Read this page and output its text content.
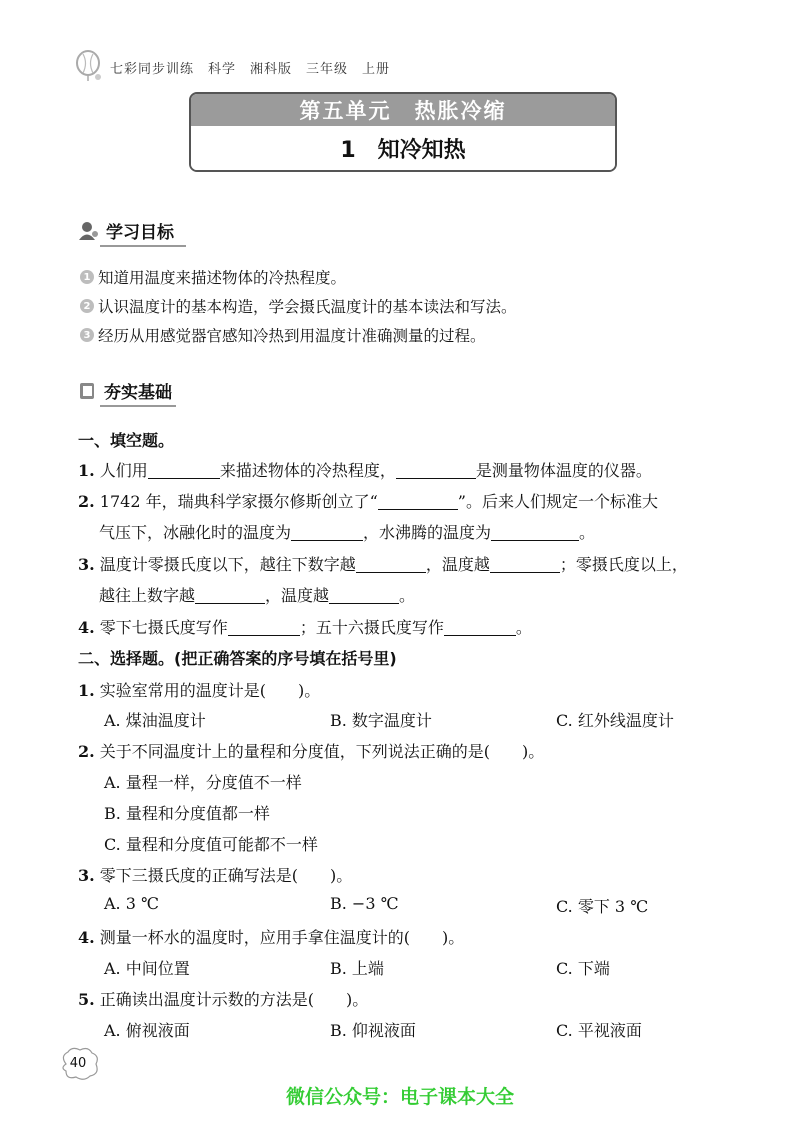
七彩同步训练　科学　湘科版　三年级　上册
第五单元　热胀冷缩
1　知冷知热
学习目标
1 知道用温度来描述物体的冷热程度。
2 认识温度计的基本构造，学会摄氏温度计的基本读法和写法。
3 经历从用感觉器官感知冷热到用温度计准确测量的过程。
夯实基础
一、填空题。
1. 人们用	来描述物体的冷热程度，	是测量物体温度的仪器。
2. 1742 年，瑞典科学家摄尔修斯创立了“	”。后来人们规定一个标准大
气压下，冰融化时的温度为	，水沸腾的温度为	。
3. 温度计零摄氏度以下，越往下数字越	，温度越	；零摄氏度以上，
越往上数字越	，温度越	。
4. 零下七摄氏度写作	；五十六摄氏度写作	。
二、选择题。(把正确答案的序号填在括号里)
1. 实验室常用的温度计是(　　)。
A. 煤油温度计	B. 数字温度计	C. 红外线温度计
2. 关于不同温度计上的量程和分度值，下列说法正确的是(　　)。
A. 量程一样，分度值不一样
B. 量程和分度值都一样
C. 量程和分度值可能都不一样
3. 零下三摄氏度的正确写法是(　　)。
A. 3 ℃	B. −3 ℃	C. 零下 3 ℃
4. 测量一杯水的温度时，应用手拿住温度计的(　　)。
A. 中间位置	B. 上端	C. 下端
5. 正确读出温度计示数的方法是(　　)。
A. 俯视液面	B. 仰视液面	C. 平视液面
40
微信公众号：电子课本大全
